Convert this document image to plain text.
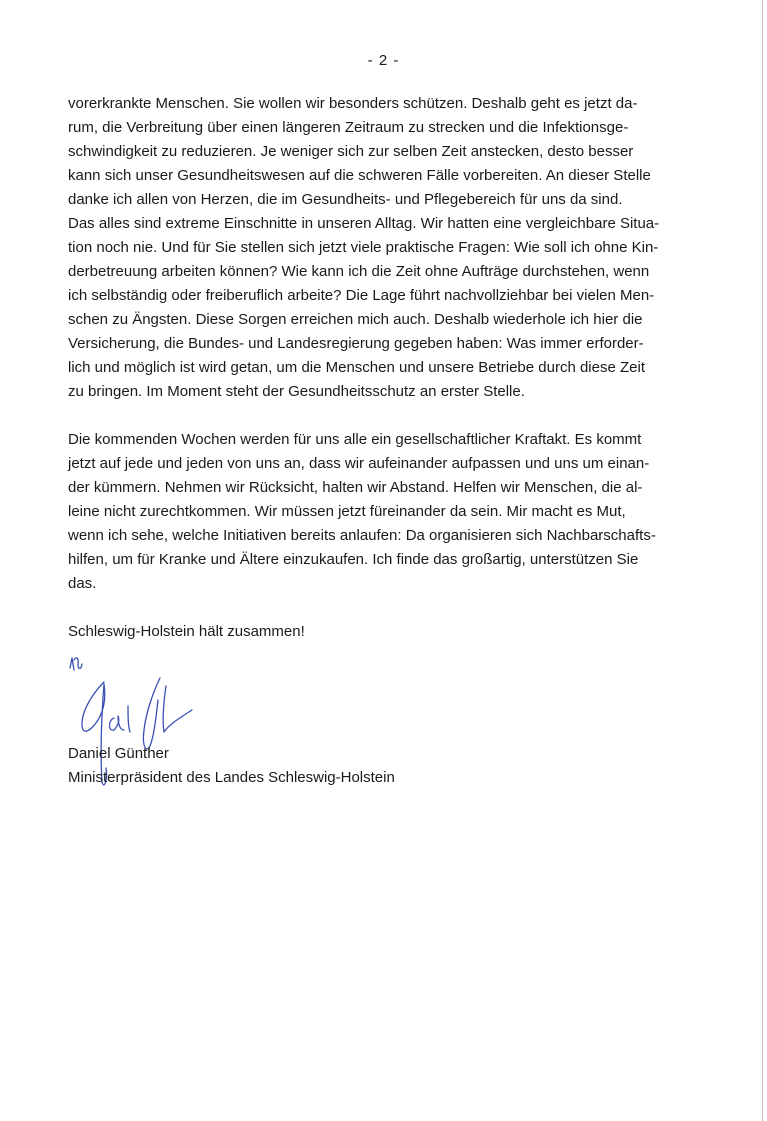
- 2 -
vorerkrankte Menschen. Sie wollen wir besonders schützen. Deshalb geht es jetzt da-
rum, die Verbreitung über einen längeren Zeitraum zu strecken und die Infektionsge-
schwindigkeit zu reduzieren. Je weniger sich zur selben Zeit anstecken, desto besser
kann sich unser Gesundheitswesen auf die schweren Fälle vorbereiten. An dieser Stelle
danke ich allen von Herzen, die im Gesundheits- und Pflegebereich für uns da sind.
Das alles sind extreme Einschnitte in unseren Alltag. Wir hatten eine vergleichbare Situa-
tion noch nie. Und für Sie stellen sich jetzt viele praktische Fragen: Wie soll ich ohne Kin-
derbetreuung arbeiten können? Wie kann ich die Zeit ohne Aufträge durchstehen, wenn
ich selbständig oder freiberuflich arbeite? Die Lage führt nachvollziehbar bei vielen Men-
schen zu Ängsten. Diese Sorgen erreichen mich auch. Deshalb wiederhole ich hier die
Versicherung, die Bundes- und Landesregierung gegeben haben: Was immer erforder-
lich und möglich ist wird getan, um die Menschen und unsere Betriebe durch diese Zeit
zu bringen. Im Moment steht der Gesundheitsschutz an erster Stelle.
Die kommenden Wochen werden für uns alle ein gesellschaftlicher Kraftakt. Es kommt
jetzt auf jede und jeden von uns an, dass wir aufeinander aufpassen und uns um einan-
der kümmern. Nehmen wir Rücksicht, halten wir Abstand. Helfen wir Menschen, die al-
leine nicht zurechtkommen. Wir müssen jetzt füreinander da sein. Mir macht es Mut,
wenn ich sehe, welche Initiativen bereits anlaufen: Da organisieren sich Nachbarschafts-
hilfen, um für Kranke und Ältere einzukaufen. Ich finde das großartig, unterstützen Sie
das.
Schleswig-Holstein hält zusammen!
Daniel Günther
Ministerpräsident des Landes Schleswig-Holstein
